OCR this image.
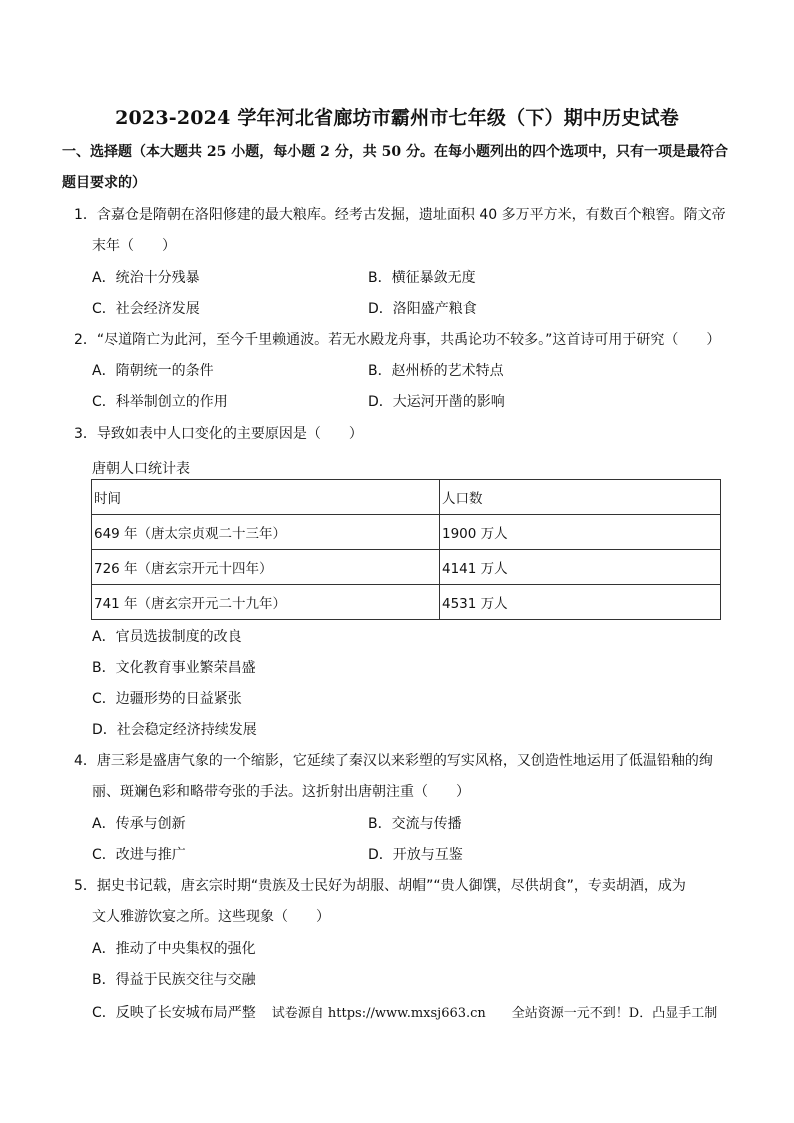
2023-2024 学年河北省廊坊市霸州市七年级（下）期中历史试卷
一、选择题（本大题共 25 小题，每小题 2 分，共 50 分。在每小题列出的四个选项中，只有一项是最符合
题目要求的）
1．含嘉仓是隋朝在洛阳修建的最大粮库。经考古发掘，遗址面积 40 多万平方米，有数百个粮窖。隋文帝
末年（　　）
A．统治十分残暴	B．横征暴敛无度
C．社会经济发展	D．洛阳盛产粮食
2．“尽道隋亡为此河，至今千里赖通波。若无水殿龙舟事，共禹论功不较多。”这首诗可用于研究（　　）
A．隋朝统一的条件	B．赵州桥的艺术特点
C．科举制创立的作用	D．大运河开凿的影响
3．导致如表中人口变化的主要原因是（　　）
唐朝人口统计表
时间	人口数
649 年（唐太宗贞观二十三年）	1900 万人
726 年（唐玄宗开元十四年）	4141 万人
741 年（唐玄宗开元二十九年）	4531 万人
A．官员选拔制度的改良
B．文化教育事业繁荣昌盛
C．边疆形势的日益紧张
D．社会稳定经济持续发展
4．唐三彩是盛唐气象的一个缩影，它延续了秦汉以来彩塑的写实风格，又创造性地运用了低温铅釉的绚
丽、斑斓色彩和略带夸张的手法。这折射出唐朝注重（　　）
A．传承与创新	B．交流与传播
C．改进与推广	D．开放与互鉴
5．据史书记载，唐玄宗时期“贵族及士民好为胡服、胡帽”“贵人御馔，尽供胡食”，专卖胡酒，成为
文人雅游饮宴之所。这些现象（　　）
A．推动了中央集权的强化
B．得益于民族交往与交融
C．反映了长安城布局严整 试卷源自 https://www.mxsj663.cn　　全站资源一元不到！D．凸显手工制
